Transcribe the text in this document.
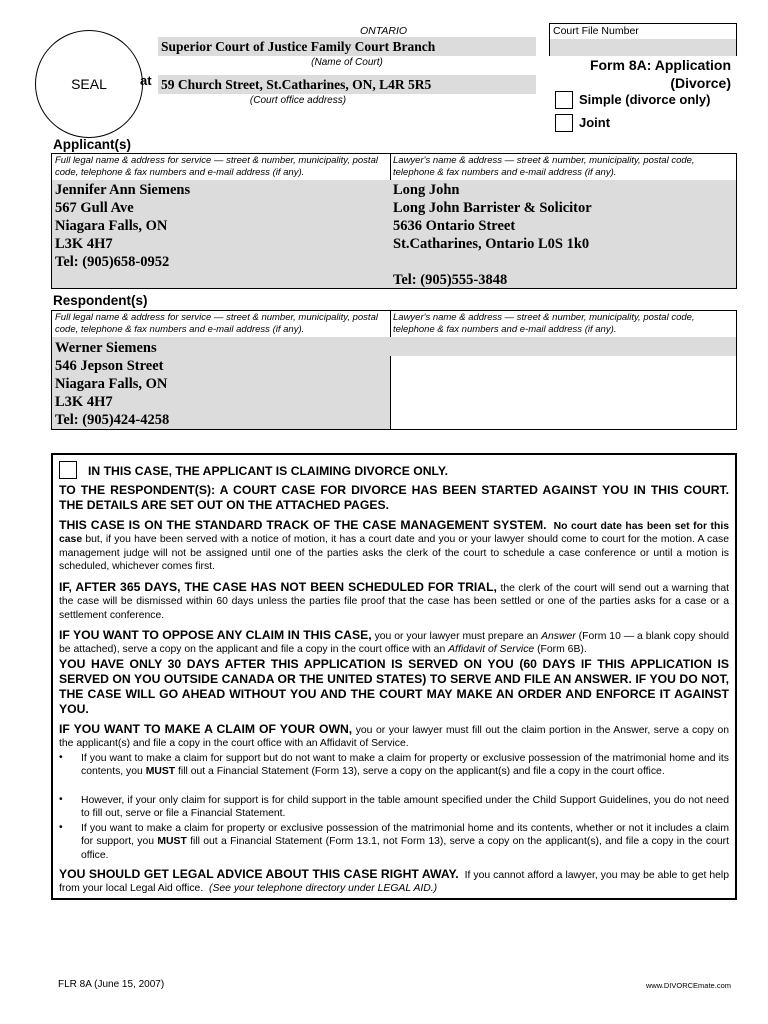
SEAL
ONTARIO
Superior Court of Justice Family Court Branch
(Name of Court)
at 59 Church Street, St.Catharines, ON, L4R 5R5
(Court office address)
Court File Number
Form 8A: Application
(Divorce)
Simple (divorce only)
Joint
Applicant(s)
Full legal name & address for service — street & number, municipality, postal code, telephone & fax numbers and e-mail address (if any).
Jennifer Ann Siemens
567 Gull Ave
Niagara Falls, ON
L3K 4H7
Tel: (905)658-0952
Lawyer's name & address — street & number, municipality, postal code, telephone & fax numbers and e-mail address (if any).
Long John
Long John Barrister & Solicitor
5636 Ontario Street
St.Catharines, Ontario L0S 1k0
Tel: (905)555-3848
Respondent(s)
Full legal name & address for service — street & number, municipality, postal code, telephone & fax numbers and e-mail address (if any).
Werner Siemens
546 Jepson Street
Niagara Falls, ON
L3K 4H7
Tel: (905)424-4258
Lawyer's name & address — street & number, municipality, postal code, telephone & fax numbers and e-mail address (if any).
IN THIS CASE, THE APPLICANT IS CLAIMING DIVORCE ONLY.
TO THE RESPONDENT(S): A COURT CASE FOR DIVORCE HAS BEEN STARTED AGAINST YOU IN THIS COURT. THE DETAILS ARE SET OUT ON THE ATTACHED PAGES.
THIS CASE IS ON THE STANDARD TRACK OF THE CASE MANAGEMENT SYSTEM. No court date has been set for this case but, if you have been served with a notice of motion, it has a court date and you or your lawyer should come to court for the motion. A case management judge will not be assigned until one of the parties asks the clerk of the court to schedule a case conference or until a motion is scheduled, whichever comes first.
IF, AFTER 365 DAYS, THE CASE HAS NOT BEEN SCHEDULED FOR TRIAL, the clerk of the court will send out a warning that the case will be dismissed within 60 days unless the parties file proof that the case has been settled or one of the parties asks for a case or a settlement conference.
IF YOU WANT TO OPPOSE ANY CLAIM IN THIS CASE, you or your lawyer must prepare an Answer (Form 10 — a blank copy should be attached), serve a copy on the applicant and file a copy in the court office with an Affidavit of Service (Form 6B).
YOU HAVE ONLY 30 DAYS AFTER THIS APPLICATION IS SERVED ON YOU (60 DAYS IF THIS APPLICATION IS SERVED ON YOU OUTSIDE CANADA OR THE UNITED STATES) TO SERVE AND FILE AN ANSWER. IF YOU DO NOT, THE CASE WILL GO AHEAD WITHOUT YOU AND THE COURT MAY MAKE AN ORDER AND ENFORCE IT AGAINST YOU.
IF YOU WANT TO MAKE A CLAIM OF YOUR OWN, you or your lawyer must fill out the claim portion in the Answer, serve a copy on the applicant(s) and file a copy in the court office with an Affidavit of Service.
• If you want to make a claim for support but do not want to make a claim for property or exclusive possession of the matrimonial home and its contents, you MUST fill out a Financial Statement (Form 13), serve a copy on the applicant(s) and file a copy in the court office.
• However, if your only claim for support is for child support in the table amount specified under the Child Support Guidelines, you do not need to fill out, serve or file a Financial Statement.
• If you want to make a claim for property or exclusive possession of the matrimonial home and its contents, whether or not it includes a claim for support, you MUST fill out a Financial Statement (Form 13.1, not Form 13), serve a copy on the applicant(s), and file a copy in the court office.
YOU SHOULD GET LEGAL ADVICE ABOUT THIS CASE RIGHT AWAY. If you cannot afford a lawyer, you may be able to get help from your local Legal Aid office. (See your telephone directory under LEGAL AID.)
FLR 8A (June 15, 2007)	www.DIVORCEmate.com
